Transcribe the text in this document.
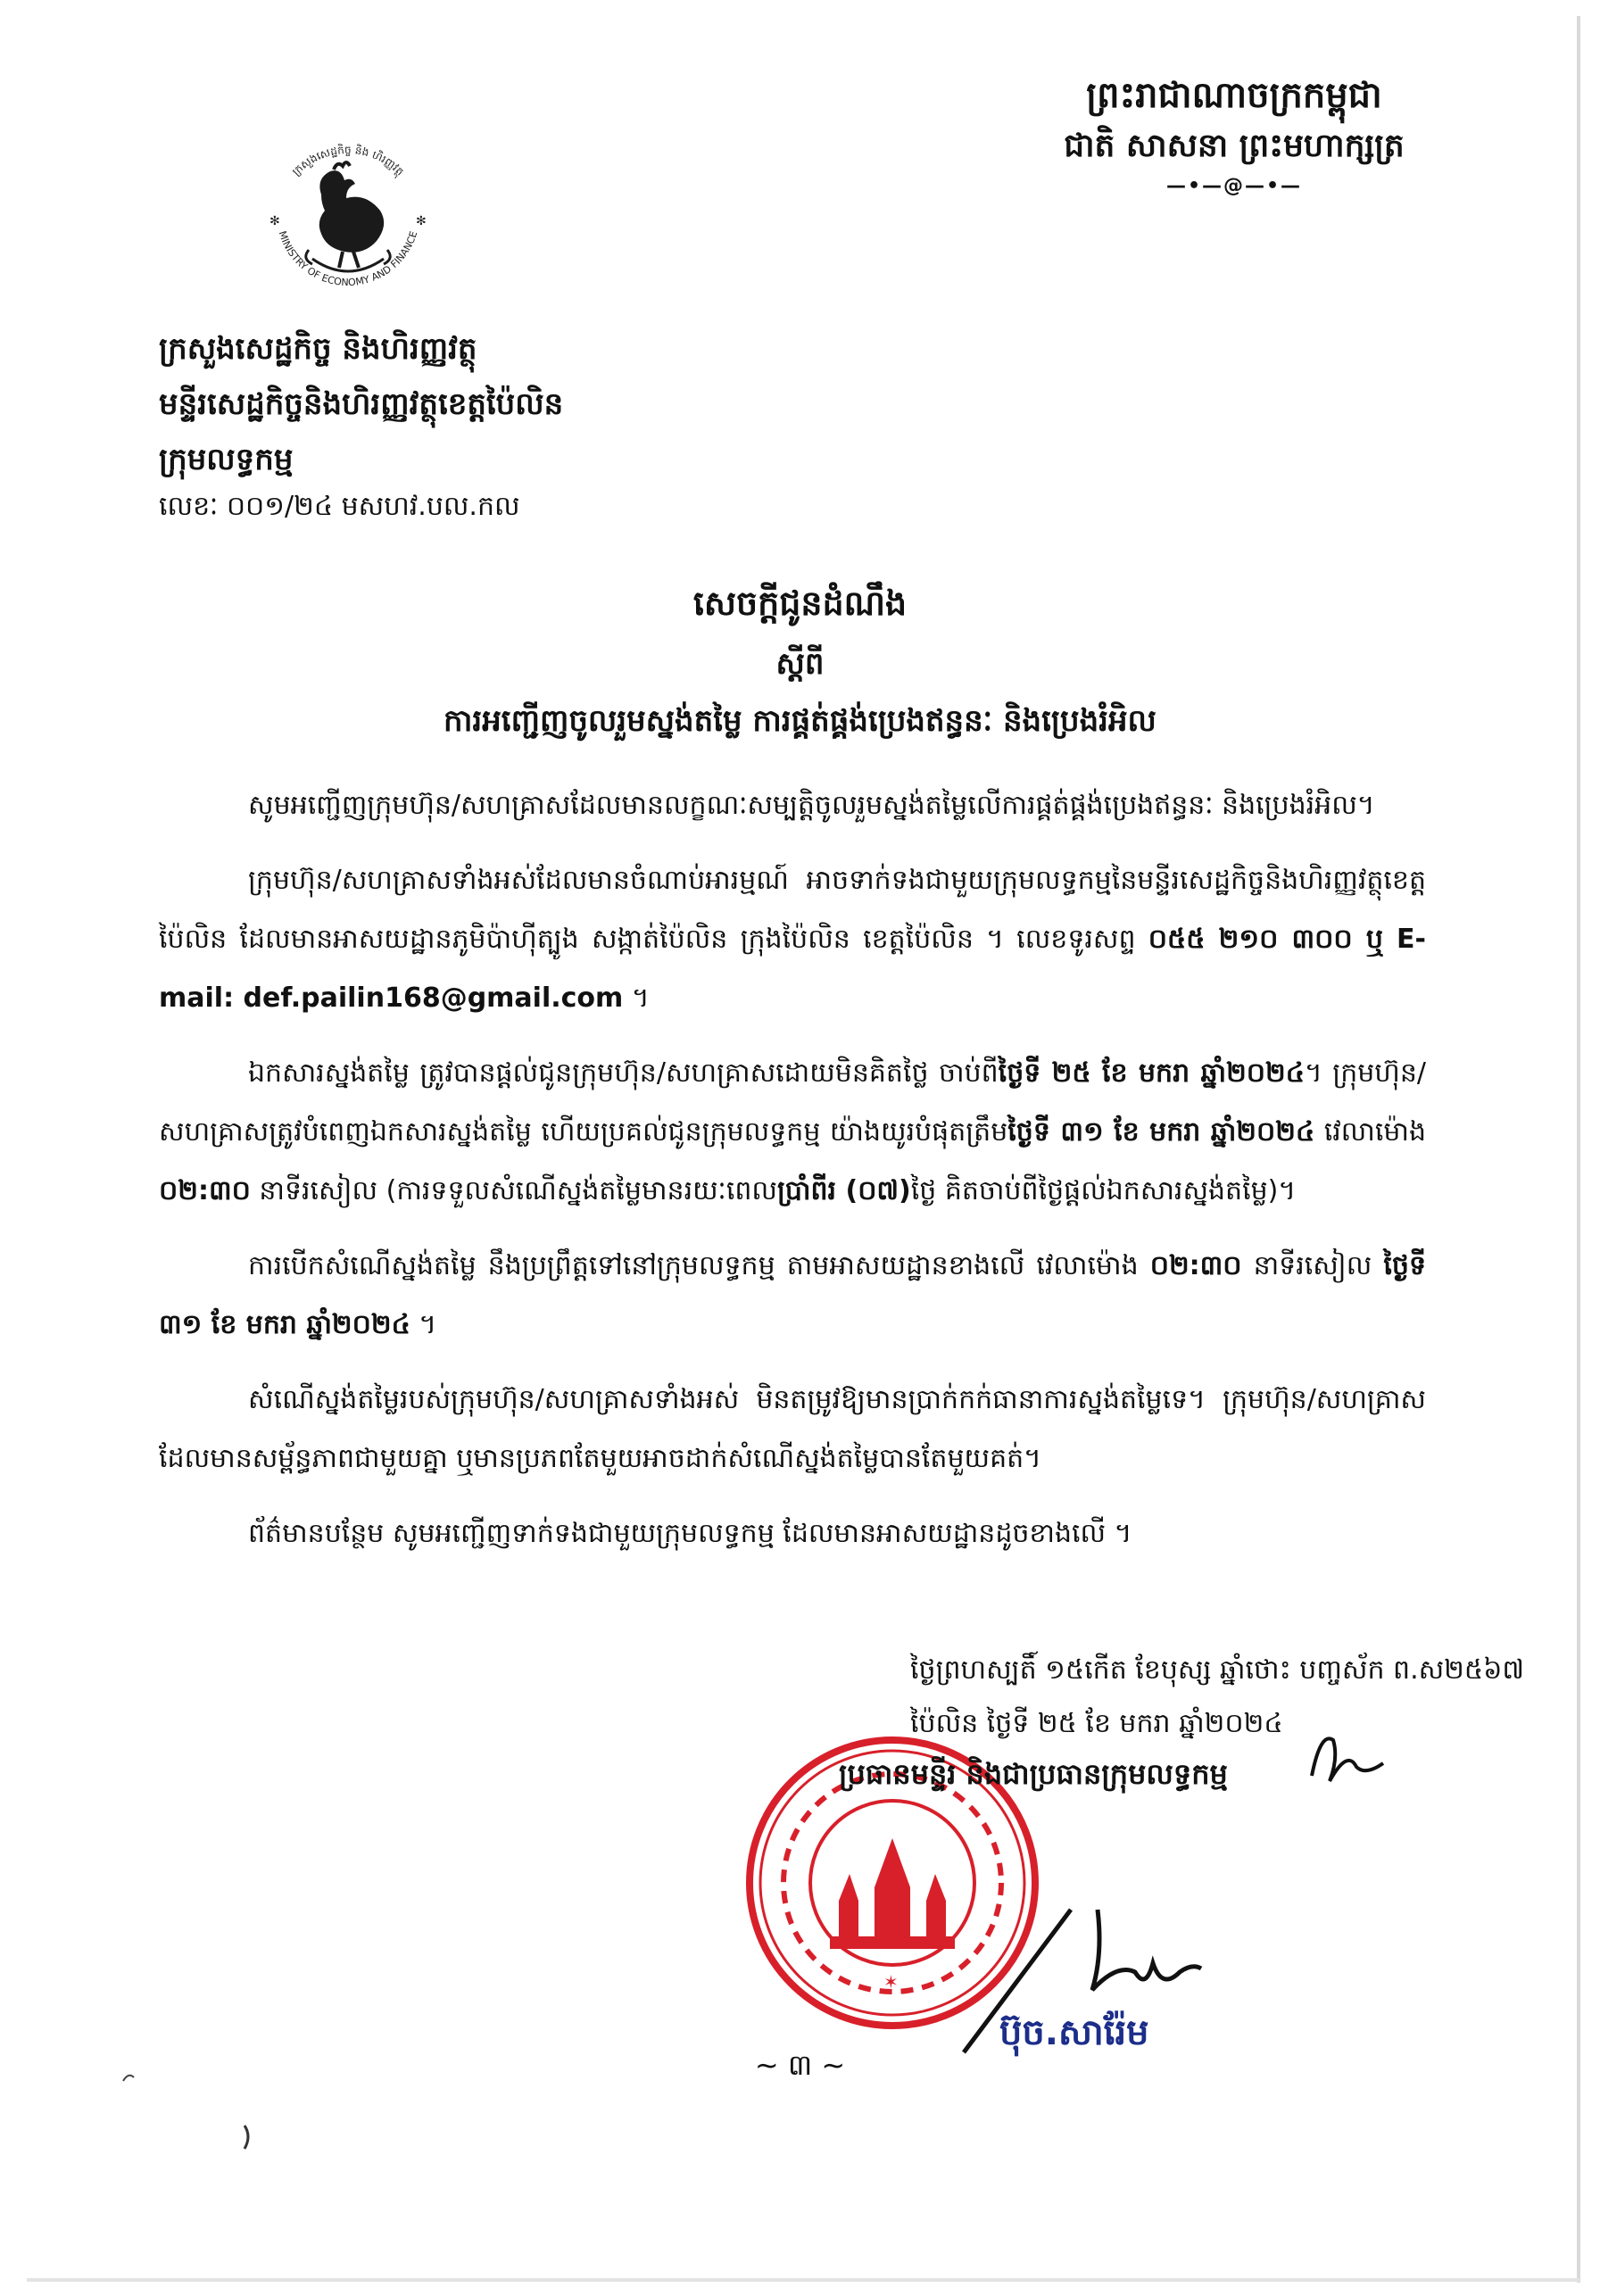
ព្រះរាជាណាចក្រកម្ពុជា
ជាតិ សាសនា ព្រះមហាក្សត្រ
—•—@—•—
ក្រសួងសេដ្ឋកិច្ច និង ហិរញ្ញវត្ថុ
MINISTRY OF ECONOMY AND FINANCE
✻	✻
ក្រសួងសេដ្ឋកិច្ច និងហិរញ្ញវត្ថុ
មន្ទីរសេដ្ឋកិច្ចនិងហិរញ្ញវត្ថុខេត្តប៉ៃលិន
ក្រុមលទ្ធកម្ម
លេខៈ ០០១/២៤ មសហវ.បល.កល
សេចក្តីជូនដំណឹង
ស្តីពី
ការអញ្ជើញចូលរួមស្នង់តម្លៃ ការផ្គត់ផ្គង់ប្រេងឥន្ធនៈ និងប្រេងរំអិល

សូមអញ្ជើញក្រុមហ៊ុន/សហគ្រាសដែលមានលក្ខណៈសម្បត្តិចូលរួមស្នង់តម្លៃលើការផ្គត់ផ្គង់ប្រេងឥន្ធនៈ និងប្រេងរំអិល។

ក្រុមហ៊ុន/សហគ្រាសទាំងអស់ដែលមានចំណាប់អារម្មណ៍ អាចទាក់ទងជាមួយក្រុមលទ្ធកម្មនៃមន្ទីរសេដ្ឋកិច្ចនិងហិរញ្ញវត្ថុខេត្តប៉ៃលិន ដែលមានអាសយដ្ឋានភូមិប៉ាហ៊ីត្បូង សង្កាត់ប៉ៃលិន ក្រុងប៉ៃលិន ខេត្តប៉ៃលិន ។ លេខទូរសព្ទ ០៥៥ ២១០ ៣០០ ឬ E-mail: def.pailin168@gmail.com ។

ឯកសារស្នង់តម្លៃ ត្រូវបានផ្តល់ជូនក្រុមហ៊ុន/សហគ្រាសដោយមិនគិតថ្លៃ ចាប់ពីថ្ងៃទី ២៥ ខែ មករា ឆ្នាំ២០២៤។ ក្រុមហ៊ុន/សហគ្រាសត្រូវបំពេញឯកសារស្នង់តម្លៃ ហើយប្រគល់ជូនក្រុមលទ្ធកម្ម យ៉ាងយូរបំផុតត្រឹមថ្ងៃទី ៣១ ខែ មករា ឆ្នាំ២០២៤ វេលាម៉ោង ០២:៣០ នាទីរសៀល (ការទទួលសំណើស្នង់តម្លៃមានរយៈពេលប្រាំពីរ (០៧)ថ្ងៃ គិតចាប់ពីថ្ងៃផ្តល់ឯកសារស្នង់តម្លៃ)។

ការបើកសំណើស្នង់តម្លៃ នឹងប្រព្រឹត្តទៅនៅក្រុមលទ្ធកម្ម តាមអាសយដ្ឋានខាងលើ វេលាម៉ោង ០២:៣០ នាទីរសៀល ថ្ងៃទី ៣១ ខែ មករា ឆ្នាំ២០២៤ ។

សំណើស្នង់តម្លៃរបស់ក្រុមហ៊ុន/សហគ្រាសទាំងអស់ មិនតម្រូវឱ្យមានប្រាក់កក់ធានាការស្នង់តម្លៃទេ។ ក្រុមហ៊ុន/សហគ្រាសដែលមានសម្ព័ន្ធភាពជាមួយគ្នា ឬមានប្រភពតែមួយអាចដាក់សំណើស្នង់តម្លៃបានតែមួយគត់។

ព័ត៌មានបន្ថែម សូមអញ្ជើញទាក់ទងជាមួយក្រុមលទ្ធកម្ម ដែលមានអាសយដ្ឋានដូចខាងលើ ។

ថ្ងៃព្រហស្បតិ៍ ១៥កើត ខែបុស្ស ឆ្នាំថោះ បញ្ចស័ក ព.ស២៥៦៧
ប៉ៃលិន ថ្ងៃទី ២៥ ខែ មករា ឆ្នាំ២០២៤
✶
ប្រធានមន្ទីរ និងជាប្រធានក្រុមលទ្ធកម្ម
ប៊ុច.សារ៉ែម
~ ៣ ~
